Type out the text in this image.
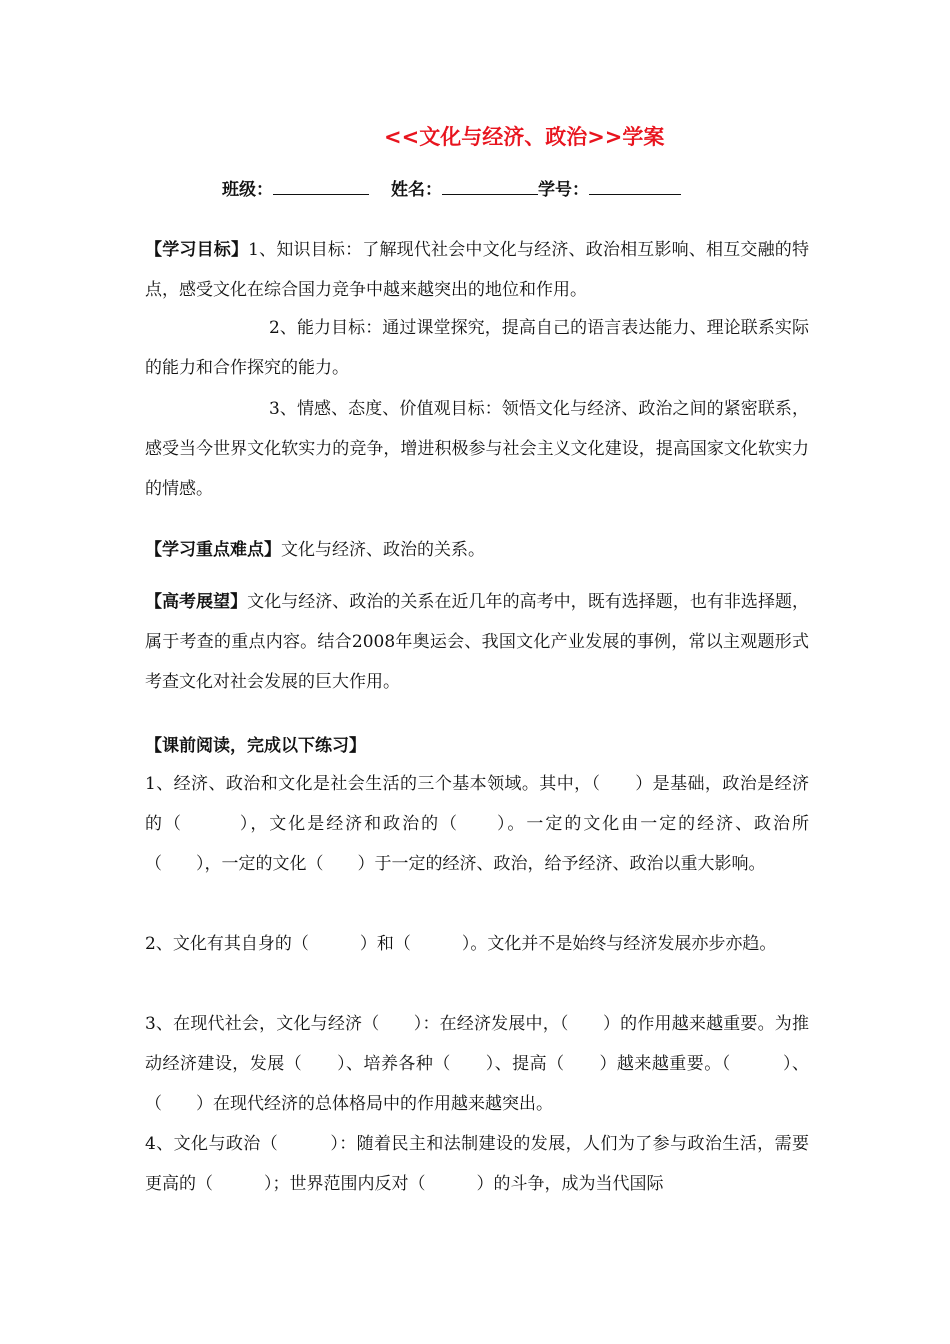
<<文化与经济、政治>>学案
班级：	姓名：	学号：
【学习目标】1、知识目标：了解现代社会中文化与经济、政治相互影响、相互交融的特点，感受文化在综合国力竞争中越来越突出的地位和作用。
2、能力目标：通过课堂探究，提高自己的语言表达能力、理论联系实际的能力和合作探究的能力。
3、情感、态度、价值观目标：领悟文化与经济、政治之间的紧密联系，感受当今世界文化软实力的竞争，增进积极参与社会主义文化建设，提高国家文化软实力的情感。
【学习重点难点】文化与经济、政治的关系。
【高考展望】文化与经济、政治的关系在近几年的高考中，既有选择题，也有非选择题，属于考查的重点内容。结合2008年奥运会、我国文化产业发展的事例，常以主观题形式考查文化对社会发展的巨大作用。
【课前阅读，完成以下练习】
1、经济、政治和文化是社会生活的三个基本领域。其中，（　　）是基础，政治是经济的（　　　），文化是经济和政治的（　　）。一定的文化由一定的经济、政治所（　　），一定的文化（　　）于一定的经济、政治，给予经济、政治以重大影响。
2、文化有其自身的（　　　）和（　　　）。文化并不是始终与经济发展亦步亦趋。
3、在现代社会，文化与经济（　　）：在经济发展中，（　　）的作用越来越重要。为推动经济建设，发展（　　）、培养各种（　　）、提高（　　）越来越重要。（　　　）、（　　）在现代经济的总体格局中的作用越来越突出。
4、文化与政治（　　　）：随着民主和法制建设的发展，人们为了参与政治生活，需要更高的（　　　）；世界范围内反对（　　　）的斗争，成为当代国际
